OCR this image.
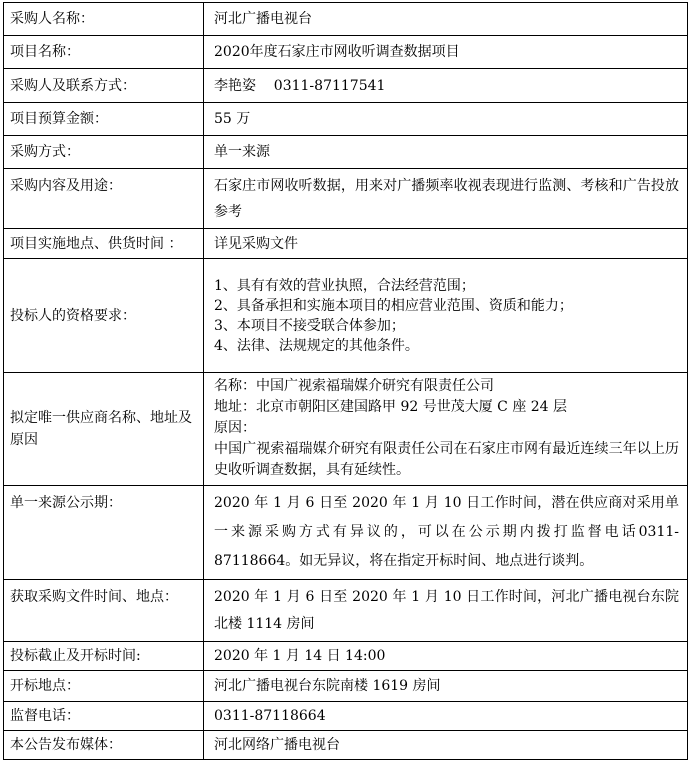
采购人名称：	河北广播电视台
项目名称：	2020年度石家庄市网收听调查数据项目
采购人及联系方式：	李艳姿    0311-87117541
项目预算金额：	55 万
采购方式：	单一来源
采购内容及用途：	石家庄市网收听数据，用来对广播频率收视表现进行监测、考核和广告投放参考
项目实施地点、供货时间 ：	详见采购文件
投标人的资格要求：	1、具有有效的营业执照，合法经营范围；
2、具备承担和实施本项目的相应营业范围、资质和能力；
3、本项目不接受联合体参加；
4、法律、法规规定的其他条件。

拟定唯一供应商名称、地址及原因	名称：中国广视索福瑞媒介研究有限责任公司
地址：北京市朝阳区建国路甲 92 号世茂大厦 C 座 24 层
原因：
中国广视索福瑞媒介研究有限责任公司在石家庄市网有最近连续三年以上历史收听调查数据，具有延续性。

单一来源公示期：	2020 年 1 月 6 日至 2020 年 1 月 10 日工作时间，潜在供应商对采用单一来源采购方式有异议的，可以在公示期内拨打监督电话0311-87118664。如无异议，将在指定开标时间、地点进行谈判。
获取采购文件时间、地点：	2020 年 1 月 6 日至 2020 年 1 月 10 日工作时间，河北广播电视台东院北楼 1114 房间
投标截止及开标时间:	2020 年 1 月 14 日 14:00
开标地点：	河北广播电视台东院南楼 1619 房间
监督电话：	0311-87118664
本公告发布媒体：	河北网络广播电视台
